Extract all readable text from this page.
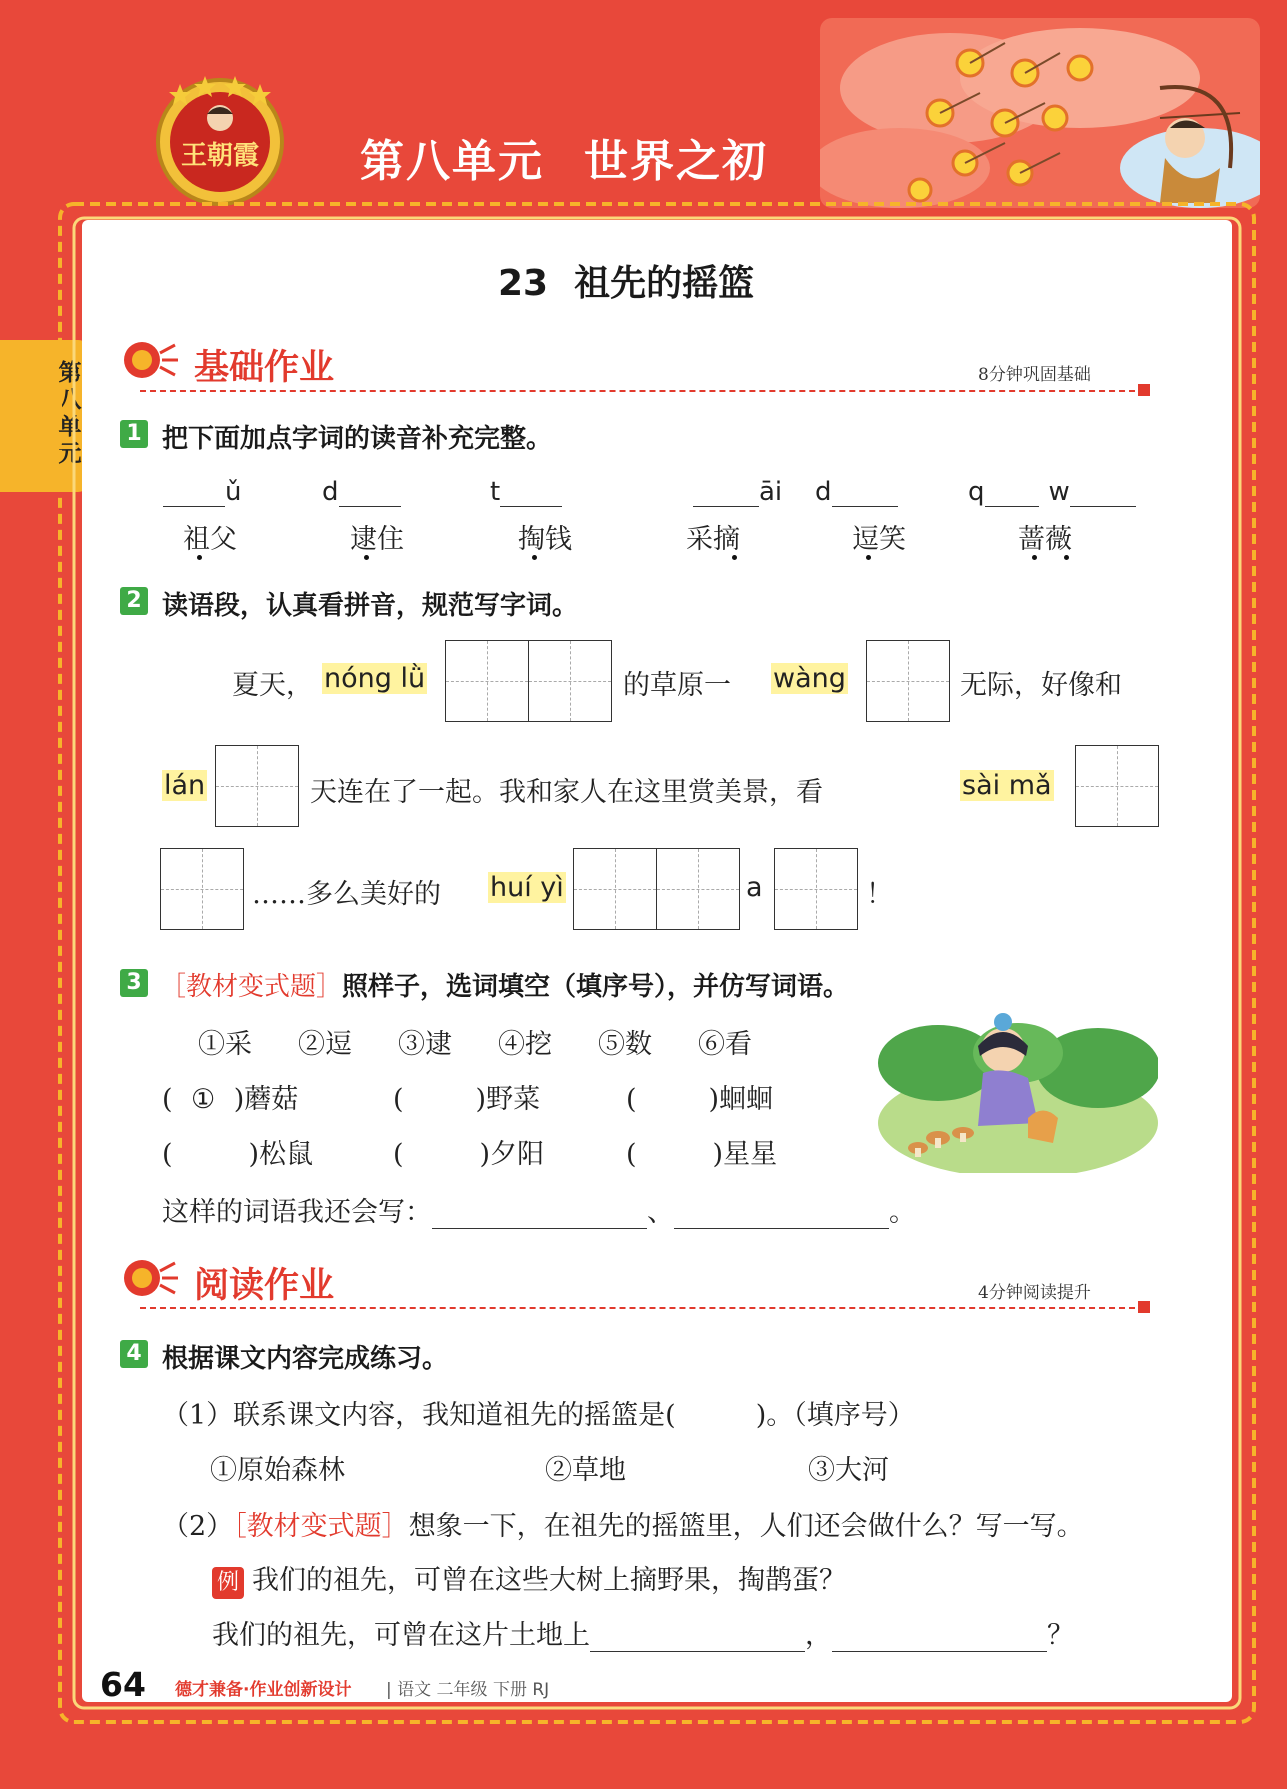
王朝霞 第八单元 世界之初
第八单元
23 祖先的摇篮
基础作业	8分钟巩固基础
1 把下面加点字词的读音补充完整。
ǔ
祖父
d
逮住
t
掏钱
āi
采摘
d
逗笑
q w
蔷薇
2 读语段，认真看拼音，规范写字词。
夏天， nóng lǜ	的草原一 wàng	无际，好像和
lán	天连在了一起。我和家人在这里赏美景，看	sài mǎ
……多么美好的 huí yì	a	！
3 ［教材变式题］照样子，选词填空（填序号），并仿写词语。
①采 ②逗 ③逮 ④挖 ⑤数 ⑥看
( ① )蘑菇	(	)野菜	(	)蛔蛔
(	)松鼠	(	)夕阳	(	)星星
这样的词语我还会写：	、	。
阅读作业	4分钟阅读提升
4 根据课文内容完成练习。
（1）联系课文内容，我知道祖先的摇篮是(	)。（填序号）
①原始森林	②草地	③大河
（2）［教材变式题］想象一下，在祖先的摇篮里，人们还会做什么？写一写。
例 我们的祖先，可曾在这些大树上摘野果，掏鹊蛋？
我们的祖先，可曾在这片土地上	，	？
64 德才兼备·作业创新设计 | 语文 二年级 下册 RJ
